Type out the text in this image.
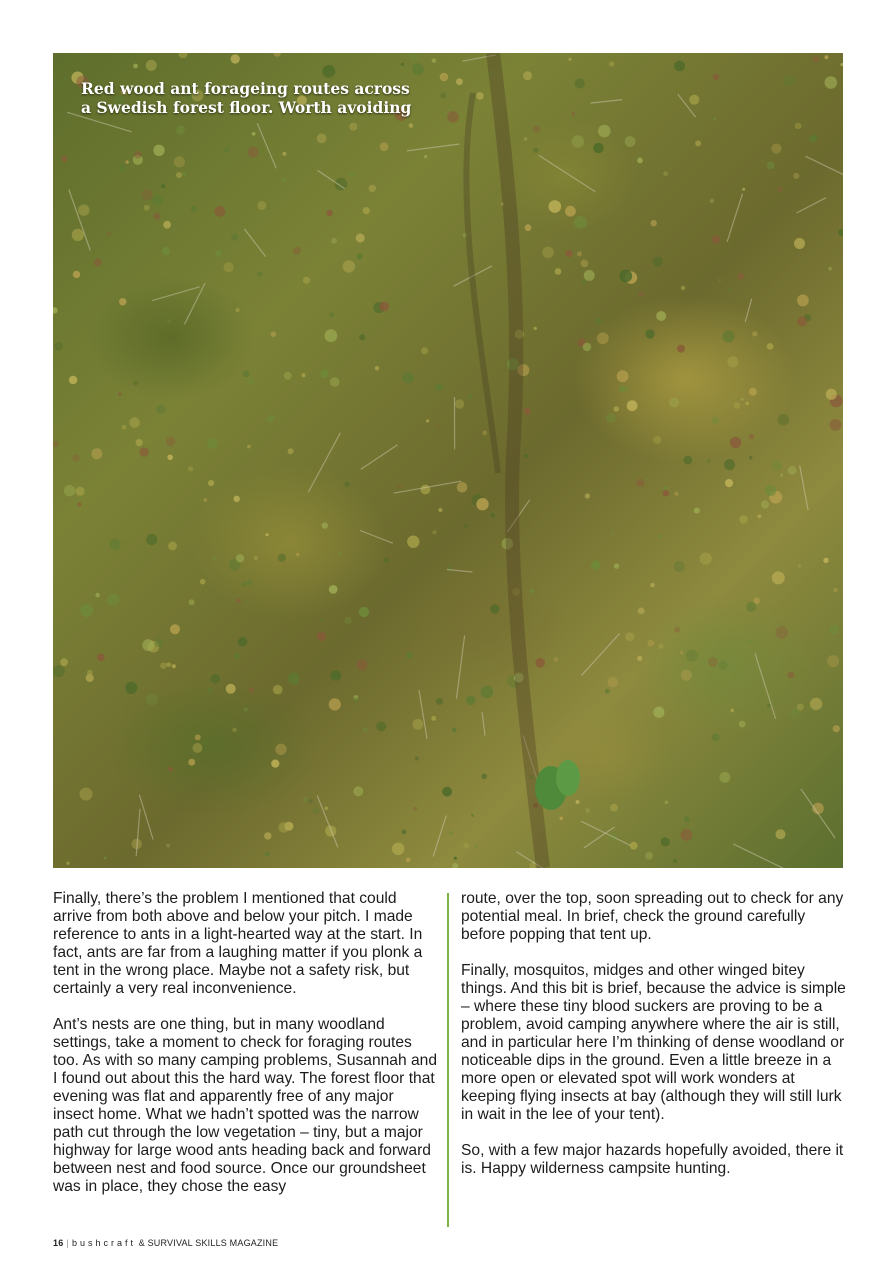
Red wood ant forageing routes across a Swedish forest floor. Worth avoiding

Finally, there’s the problem I mentioned that could arrive from both above and below your pitch. I made reference to ants in a light-hearted way at the start. In fact, ants are far from a laughing matter if you plonk a tent in the wrong place. Maybe not a safety risk, but certainly a very real inconvenience.

Ant’s nests are one thing, but in many woodland settings, take a moment to check for foraging routes too. As with so many camping problems, Susannah and I found out about this the hard way. The forest floor that evening was flat and apparently free of any major insect home. What we hadn’t spotted was the narrow path cut through the low vegetation – tiny, but a major highway for large wood ants heading back and forward between nest and food source. Once our groundsheet was in place, they chose the easy

route, over the top, soon spreading out to check for any potential meal. In brief, check the ground carefully before popping that tent up.

Finally, mosquitos, midges and other winged bitey things. And this bit is brief, because the advice is simple – where these tiny blood suckers are proving to be a problem, avoid camping anywhere where the air is still, and in particular here I’m thinking of dense woodland or noticeable dips in the ground. Even a little breeze in a more open or elevated spot will work wonders at keeping flying insects at bay (although they will still lurk in wait in the lee of your tent).

So, with a few major hazards hopefully avoided, there it is. Happy wilderness campsite hunting.

16 | bushcraft & SURVIVAL SKILLS MAGAZINE
